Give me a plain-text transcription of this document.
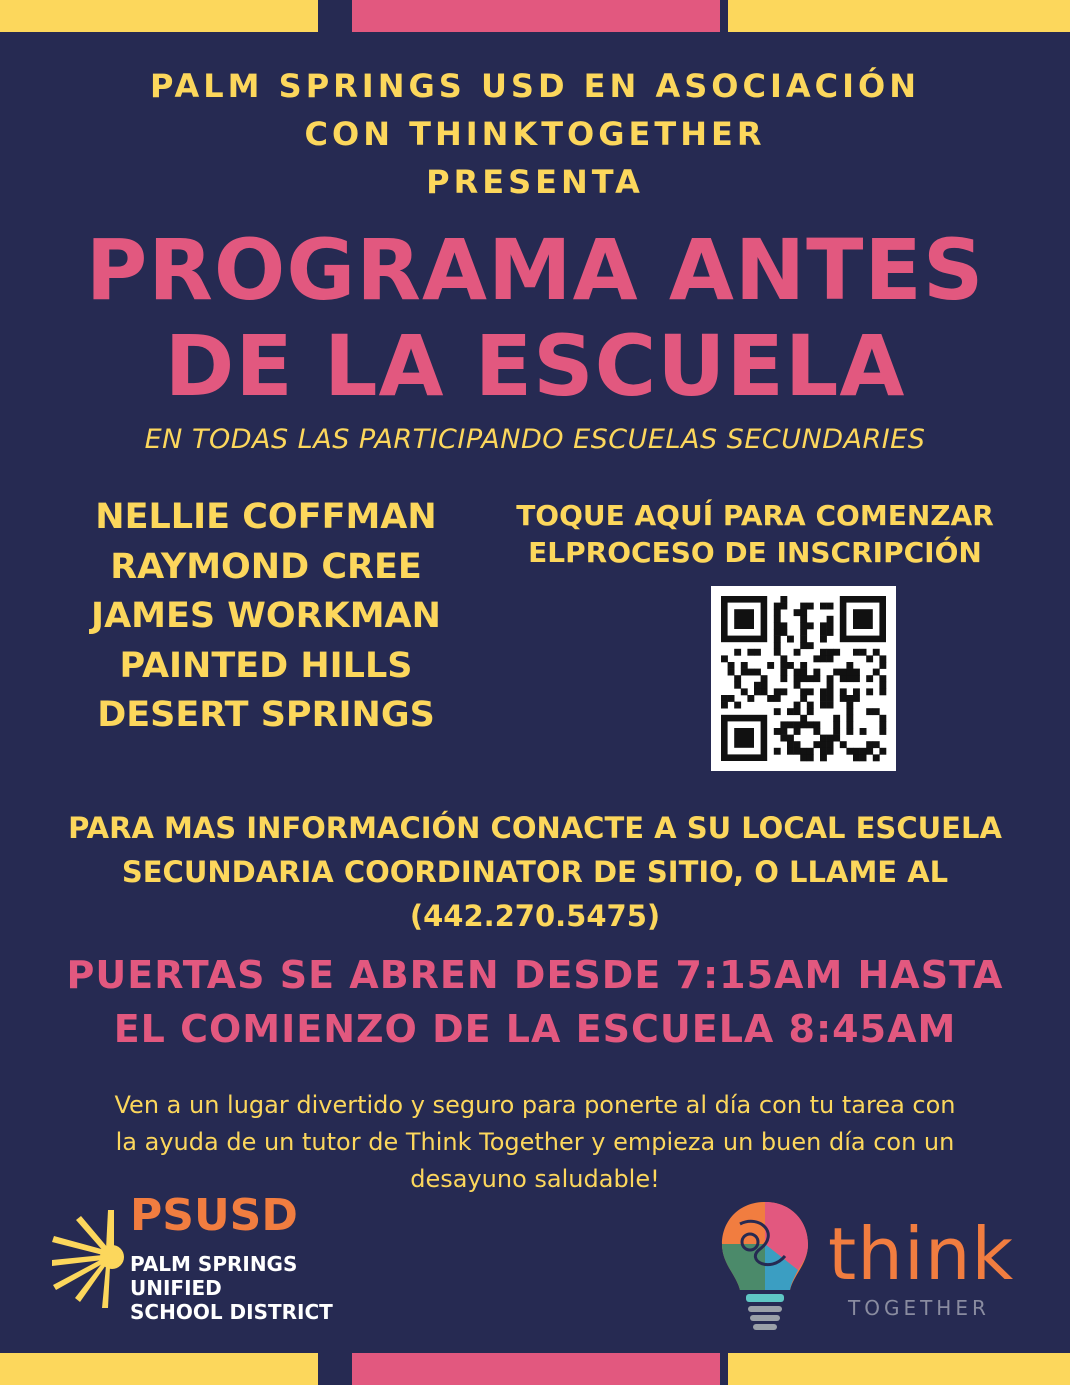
PALM SPRINGS USD EN ASOCIACIÓN
CON THINKTOGETHER
PRESENTA
PROGRAMA ANTES
DE LA ESCUELA
EN TODAS LAS PARTICIPANDO ESCUELAS SECUNDARIES
NELLIE COFFMAN
RAYMOND CREE
JAMES WORKMAN
PAINTED HILLS
DESERT SPRINGS
TOQUE AQUÍ PARA COMENZAR
ELPROCESO DE INSCRIPCIÓN
PARA MAS INFORMACIÓN CONACTE A SU LOCAL ESCUELA
SECUNDARIA COORDINATOR DE SITIO, O LLAME AL
(442.270.5475)
PUERTAS SE ABREN DESDE 7:15AM HASTA
EL COMIENZO DE LA ESCUELA 8:45AM
Ven a un lugar divertido y seguro para ponerte al día con tu tarea con
la ayuda de un tutor de Think Together y empieza un buen día con un
desayuno saludable!
PSUSD
PALM SPRINGS
UNIFIED
SCHOOL DISTRICT
think
TOGETHER
